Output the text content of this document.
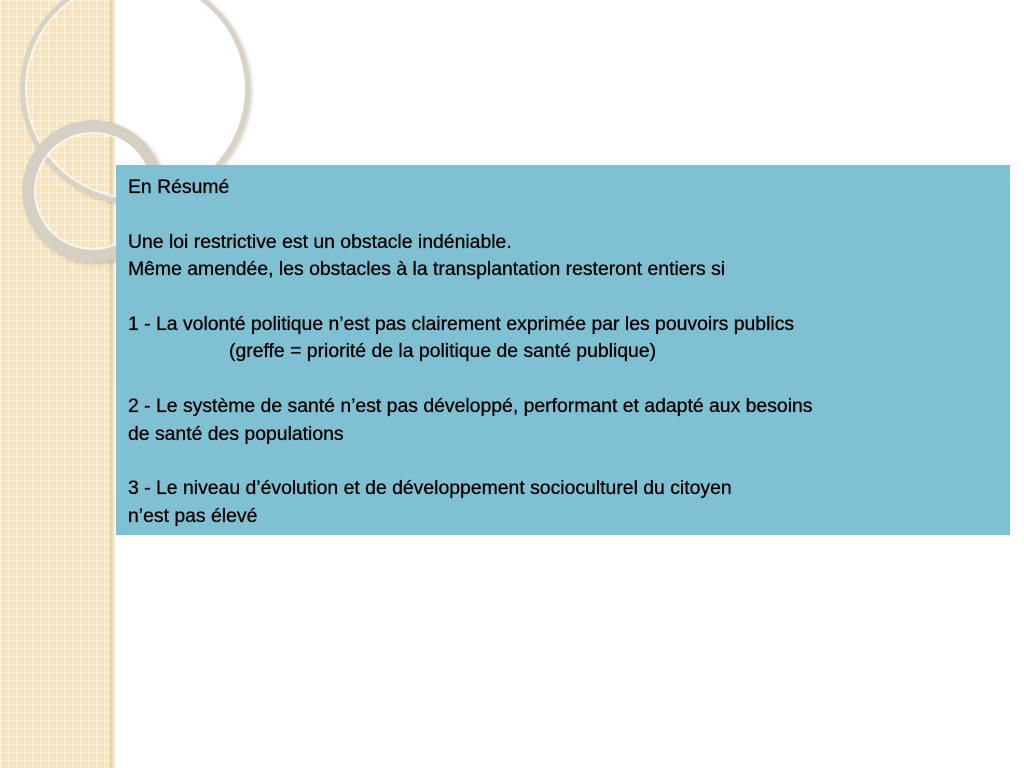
En Résumé
Une loi restrictive est un obstacle indéniable.
Même amendée, les obstacles à la transplantation resteront entiers si
1 - La volonté politique n’est pas clairement exprimée par les pouvoirs publics
(greffe = priorité de la politique de santé publique)
2 - Le système de santé n’est pas développé, performant et adapté aux besoins
de santé des populations
3 - Le niveau d’évolution et de développement socioculturel du citoyen
n’est pas élevé
